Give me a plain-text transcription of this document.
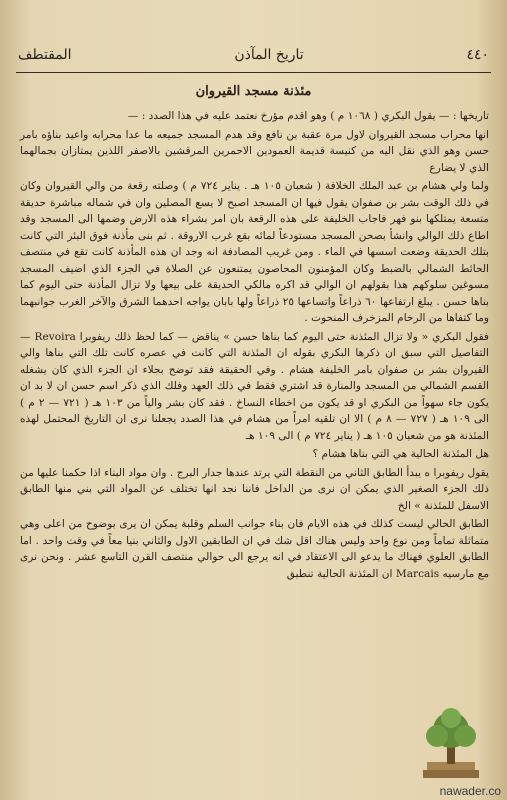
٤٤٠
تاريخ المآذن
المقتطف
مئذنة مسجد القيروان

تاريخها : — يقول البكري ( ١٠٦٨ م ) وهو اقدم مؤرخ نعتمد عليه في هذا الصدد : —

انها محراب مسجد القيروان لاول مرة عقبة بن نافع وقد هدم المسجد جميعه ما عدا محرابه واعيد بناؤه بامر حسن وهو الذي نقل اليه من كنيسة قديمة العمودين الاحمرين المرقشين بالاصفر اللذين يمتازان بجمالهما الذي لا يضارع

ولما ولي هشام بن عبد الملك الخلافة ( شعبان ١٠٥ هـ . يناير ٧٢٤ م ) وصلته رقعة من والي القيروان وكان في ذلك الوقت بشر بن صفوان يقول فيها ان المسجد اصبح لا يسع المصلين وان في شماله مباشرة حديقة متسعة يمتلكها بنو فهر فاجاب الخليفة على هذه الرقعة بان امر بشراء هذه الارض وضمها الى المسجد وقد اطاع ذلك الوالي وانشأ بصحن المسجد مستودعاً لمائه بقع غرب الاروقة . ثم بنى مأذنة فوق البئر التي كانت بتلك الحديقة وضعت اسسها في الماء . ومن غريب المصادفة انه وجد ان هذه المأذنة كانت تقع في منتصف الحائط الشمالي بالضبط وكان المؤمنون المحاصون يمتنعون عن الصلاة في الجزء الذي اضيف المسجد مسوغين سلوكهم هذا بقولهم ان الوالي قد اكره مالكي الحديقة على بيعها ولا تزال المأذنة حتى اليوم كما بناها حسن . يبلغ ارتفاعها ٦٠ ذراعاً واتساعها ٢٥ ذراعاً ولها بابان يواجه احدهما الشرق والآخر الغرب جوانبهما وما كتفاها من الرخام المزخرف المنحوت .

فقول البكري « ولا تزال المئذنة حتى اليوم كما بناها حسن » يناقض — كما لحظ ذلك ريفوبرا Revoira — التفاصيل التي سبق ان ذكرها البكري بقوله ان المئذنة التي كانت في عصره كانت تلك التي بناها والي القيروان بشر بن صفوان بامر الخليفة هشام . وفي الحقيقة فقد توضح بجلاء ان الجزء الذي كان يشغله القسم الشمالي من المسجد والمنارة قد اشتري فقط في ذلك العهد وفلك الذي ذكر اسم حسن ان لا بد ان يكون جاء سهواً من البكري او قد يكون من اخطاء النساخ . فقد كان بشر والياً من ١٠٣ هـ ( ٧٢١ — ٢ م ) الى ١٠٩ هـ ( ٧٢٧ — ٨ م ) الا ان تلقيه امراً من هشام في هذا الصدد يجعلنا نرى ان التاريخ المحتمل لهذه المئذنة هو من شعبان ١٠٥ هـ ( يناير ٧٢٤ م ) الى ١٠٩ هـ

هل المئذنة الحالية هي التي بناها هشام ؟

يقول ريفوبرا ه يبدأ الطابق الثاني من النقطة التي يرتد عندها جدار البرج . وان مواد البناء اذا حكمنا عليها من ذلك الجزء الصغير الذي يمكن ان نرى من الداخل فاننا نجد انها تختلف عن المواد التي بني منها الطابق الاسفل للمئذنة » الخ

الطابق الحالي ليست كذلك في هذه الايام فان بناء جوانب السلم وقلبة يمكن ان يرى بوضوح من اعلى وهي متماثلة تماماً ومن نوع واحد وليس هناك اقل شك في ان الطابقين الاول والثاني بنيا معاً في وقت واحد . اما الطابق العلوي فهناك ما يدعو الى الاعتقاد في انه يرجع الى حوالي منتصف القرن التاسع عشر . ونحن نرى مع مارسيه Marcais ان المئذنة الحالية تنطبق

nawader.co
